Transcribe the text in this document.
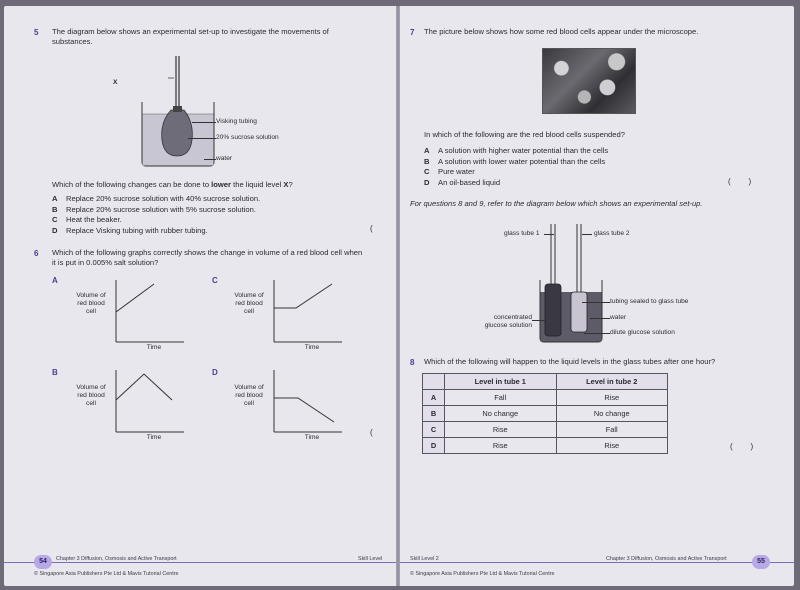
5 The diagram below shows an experimental set-up to investigate the movements of
substances.
X
Visking tubing
20% sucrose solution
water
Which of the following changes can be done to lower the liquid level X?
A	Replace 20% sucrose solution with 40% sucrose solution.
B	Replace 20% sucrose solution with 5% sucrose solution.
C	Heat the beaker.
D	Replace Visking tubing with rubber tubing.	(
6 Which of the following graphs correctly shows the change in volume of a red blood cell when
it is put in 0.005% salt solution?
A
Volume of
red blood
cell
Time
C
Volume of
red blood
cell
Time
B
Volume of
red blood
cell
Time
D
Volume of
red blood
cell
Time
(
54	Chapter 3 Diffusion, Osmosis and Active Transport	Skill Level
© Singapore Asia Publishers Pte Ltd & Mavis Tutorial Centre
7 The picture below shows how some red blood cells appear under the microscope.
In which of the following are the red blood cells suspended?
A	A solution with higher water potential than the cells
B	A solution with lower water potential than the cells
C	Pure water
D	An oil-based liquid	(        )
For questions 8 and 9, refer to the diagram below which shows an experimental set-up.
glass tube 1	glass tube 2
tubing sealed to glass tube
concentrated
glucose solution
water
dilute glucose solution
8 Which of the following will happen to the liquid levels in the glass tubes after one hour?
	Level in tube 1	Level in tube 2
A	Fall	Rise
B	No change	No change
C	Rise	Fall
D	Rise	Rise	(        )
Skill Level 2	Chapter 3 Diffusion, Osmosis and Active Transport	55
© Singapore Asia Publishers Pte Ltd & Mavis Tutorial Centre
